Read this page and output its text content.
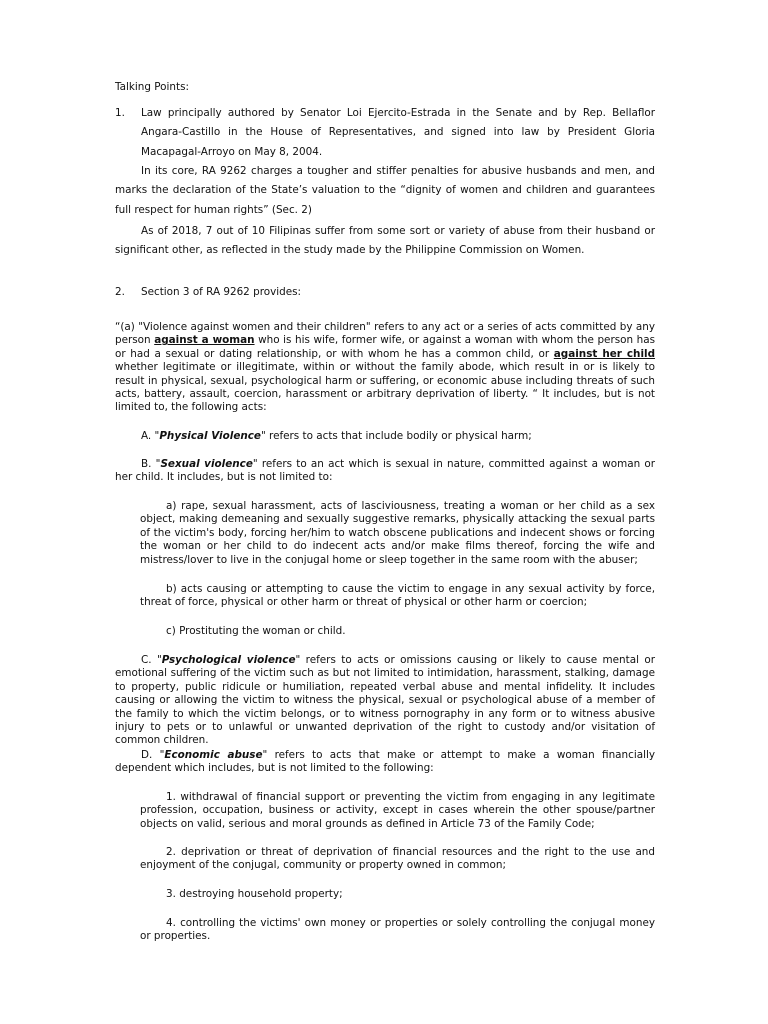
Talking Points:

1. Law principally authored by Senator Loi Ejercito-Estrada in the Senate and by Rep. Bellaflor Angara-Castillo in the House of Representatives, and signed into law by President Gloria Macapagal-Arroyo on May 8, 2004.

In its core, RA 9262 charges a tougher and stiffer penalties for abusive husbands and men, and marks the declaration of the State’s valuation to the “dignity of women and children and guarantees full respect for human rights” (Sec. 2)

As of 2018, 7 out of 10 Filipinas suffer from some sort or variety of abuse from their husband or significant other, as reflected in the study made by the Philippine Commission on Women.

2. Section 3 of RA 9262 provides:

“(a) "Violence against women and their children" refers to any act or a series of acts committed by any person against a woman who is his wife, former wife, or against a woman with whom the person has or had a sexual or dating relationship, or with whom he has a common child, or against her child whether legitimate or illegitimate, within or without the family abode, which result in or is likely to result in physical, sexual, psychological harm or suffering, or economic abuse including threats of such acts, battery, assault, coercion, harassment or arbitrary deprivation of liberty. “ It includes, but is not limited to, the following acts:

A. "Physical Violence" refers to acts that include bodily or physical harm;

B. "Sexual violence" refers to an act which is sexual in nature, committed against a woman or her child. It includes, but is not limited to:

a) rape, sexual harassment, acts of lasciviousness, treating a woman or her child as a sex object, making demeaning and sexually suggestive remarks, physically attacking the sexual parts of the victim's body, forcing her/him to watch obscene publications and indecent shows or forcing the woman or her child to do indecent acts and/or make films thereof, forcing the wife and mistress/lover to live in the conjugal home or sleep together in the same room with the abuser;

b) acts causing or attempting to cause the victim to engage in any sexual activity by force, threat of force, physical or other harm or threat of physical or other harm or coercion;

c) Prostituting the woman or child.

C. "Psychological violence" refers to acts or omissions causing or likely to cause mental or emotional suffering of the victim such as but not limited to intimidation, harassment, stalking, damage to property, public ridicule or humiliation, repeated verbal abuse and mental infidelity. It includes causing or allowing the victim to witness the physical, sexual or psychological abuse of a member of the family to which the victim belongs, or to witness pornography in any form or to witness abusive injury to pets or to unlawful or unwanted deprivation of the right to custody and/or visitation of common children.

D. "Economic abuse" refers to acts that make or attempt to make a woman financially dependent which includes, but is not limited to the following:

1. withdrawal of financial support or preventing the victim from engaging in any legitimate profession, occupation, business or activity, except in cases wherein the other spouse/partner objects on valid, serious and moral grounds as defined in Article 73 of the Family Code;

2. deprivation or threat of deprivation of financial resources and the right to the use and enjoyment of the conjugal, community or property owned in common;

3. destroying household property;

4. controlling the victims' own money or properties or solely controlling the conjugal money or properties.
